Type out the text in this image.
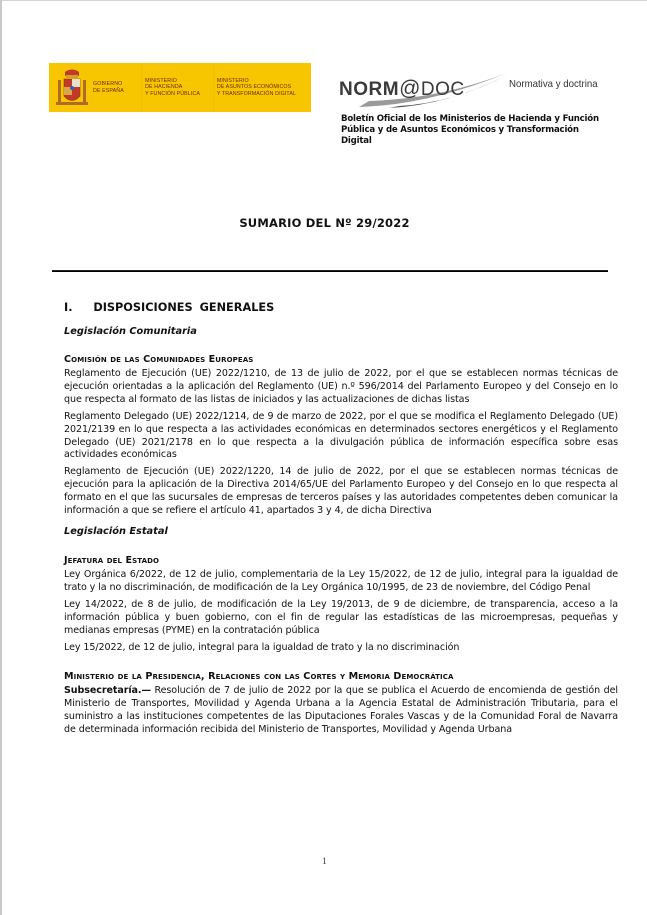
GOBIERNO
DE ESPAÑA
MINISTERIO
DE HACIENDA
Y FUNCIÓN PÚBLICA
MINISTERIO
DE ASUNTOS ECONÓMICOS
Y TRANSFORMACIÓN DIGITAL	NORM@DOC	Normativa y doctrina
Boletín Oficial de los Ministerios de Hacienda y Función Pública y de Asuntos Económicos y Transformación Digital
SUMARIO DEL Nº 29/2022
I. DISPOSICIONES GENERALES
Legislación Comunitaria
Comisión de las Comunidades Europeas

Reglamento de Ejecución (UE) 2022/1210, de 13 de julio de 2022, por el que se establecen normas técnicas de ejecución orientadas a la aplicación del Reglamento (UE) n.º 596/2014 del Parlamento Europeo y del Consejo en lo que respecta al formato de las listas de iniciados y las actualizaciones de dichas listas

Reglamento Delegado (UE) 2022/1214, de 9 de marzo de 2022, por el que se modifica el Reglamento Delegado (UE) 2021/2139 en lo que respecta a las actividades económicas en determinados sectores energéticos y el Reglamento Delegado (UE) 2021/2178 en lo que respecta a la divulgación pública de información específica sobre esas actividades económicas

Reglamento de Ejecución (UE) 2022/1220, 14 de julio de 2022, por el que se establecen normas técnicas de ejecución para la aplicación de la Directiva 2014/65/UE del Parlamento Europeo y del Consejo en lo que respecta al formato en el que las sucursales de empresas de terceros países y las autoridades competentes deben comunicar la información a que se refiere el artículo 41, apartados 3 y 4, de dicha Directiva

Legislación Estatal
Jefatura del Estado

Ley Orgánica 6/2022, de 12 de julio, complementaria de la Ley 15/2022, de 12 de julio, integral para la igualdad de trato y la no discriminación, de modificación de la Ley Orgánica 10/1995, de 23 de noviembre, del Código Penal

Ley 14/2022, de 8 de julio, de modificación de la Ley 19/2013, de 9 de diciembre, de transparencia, acceso a la información pública y buen gobierno, con el fin de regular las estadísticas de las microempresas, pequeñas y medianas empresas (PYME) en la contratación pública

Ley 15/2022, de 12 de julio, integral para la igualdad de trato y la no discriminación

Ministerio de la Presidencia, Relaciones con las Cortes y Memoria Democrática

Subsecretaría.— Resolución de 7 de julio de 2022 por la que se publica el Acuerdo de encomienda de gestión del Ministerio de Transportes, Movilidad y Agenda Urbana a la Agencia Estatal de Administración Tributaria, para el suministro a las instituciones competentes de las Diputaciones Forales Vascas y de la Comunidad Foral de Navarra de determinada información recibida del Ministerio de Transportes, Movilidad y Agenda Urbana

1
